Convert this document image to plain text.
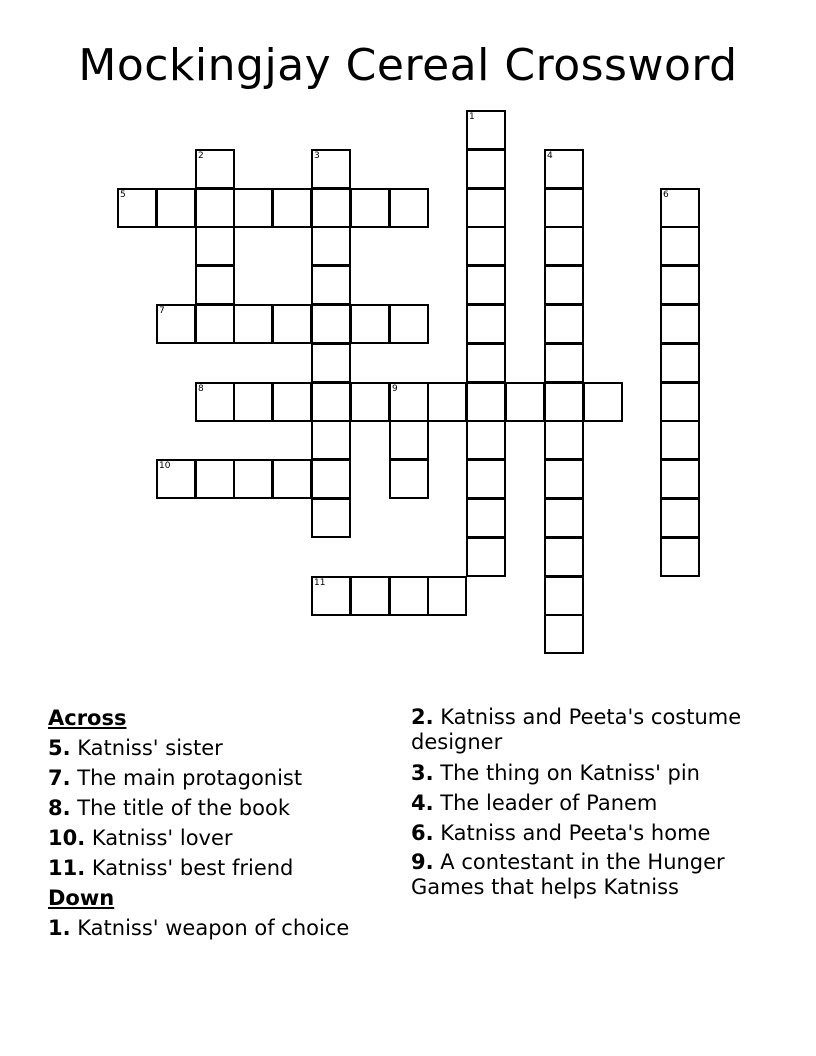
Mockingjay Cereal Crossword
1
2	3	4
5	6
7
8	9
10
11
Across
5. Katniss' sister
7. The main protagonist
8. The title of the book
10. Katniss' lover
11. Katniss' best friend
Down
1. Katniss' weapon of choice
2. Katniss and Peeta's costume designer
3. The thing on Katniss' pin
4. The leader of Panem
6. Katniss and Peeta's home
9. A contestant in the Hunger Games that helps Katniss
